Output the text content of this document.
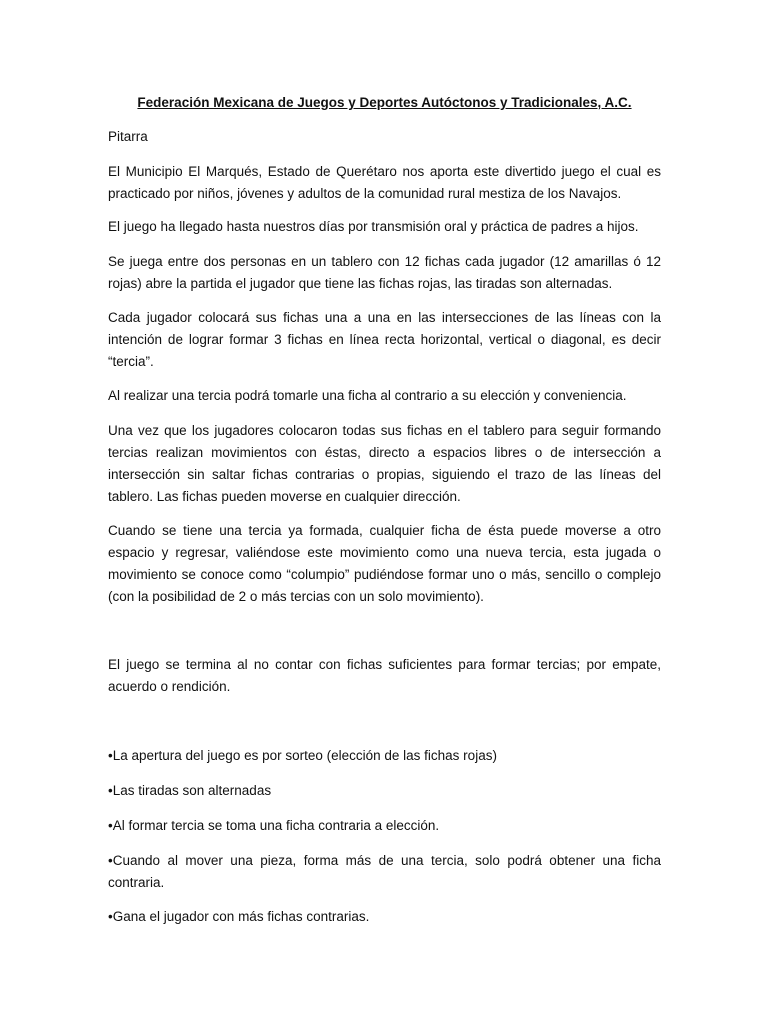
Federación Mexicana de Juegos y Deportes Autóctonos y Tradicionales, A.C.

Pitarra

El Municipio El Marqués, Estado de Querétaro nos aporta este divertido juego el cual es practicado por niños, jóvenes y adultos de la comunidad rural mestiza de los Navajos.

El juego ha llegado hasta nuestros días por transmisión oral y práctica de padres a hijos.

Se juega entre dos personas en un tablero con 12 fichas cada jugador (12 amarillas ó 12 rojas) abre la partida el jugador que tiene las fichas rojas, las tiradas son alternadas.

Cada jugador colocará sus fichas una a una en las intersecciones de las líneas con la intención de lograr formar 3 fichas en línea recta horizontal, vertical o diagonal, es decir “tercia”.

Al realizar una tercia podrá tomarle una ficha al contrario a su elección y conveniencia.

Una vez que los jugadores colocaron todas sus fichas en el tablero para seguir formando tercias realizan movimientos con éstas, directo a espacios libres o de intersección a intersección sin saltar fichas contrarias o propias, siguiendo el trazo de las líneas del tablero. Las fichas pueden moverse en cualquier dirección.

Cuando se tiene una tercia ya formada, cualquier ficha de ésta puede moverse a otro espacio y regresar, valiéndose este movimiento como una nueva tercia, esta jugada o movimiento se conoce como “columpio” pudiéndose formar uno o más, sencillo o complejo (con la posibilidad de 2 o más tercias con un solo movimiento).

El juego se termina al no contar con fichas suficientes para formar tercias; por empate, acuerdo o rendición.

•La apertura del juego es por sorteo (elección de las fichas rojas)

•Las tiradas son alternadas

•Al formar tercia se toma una ficha contraria a elección.

•Cuando al mover una pieza, forma más de una tercia, solo podrá obtener una ficha contraria.

•Gana el jugador con más fichas contrarias.
